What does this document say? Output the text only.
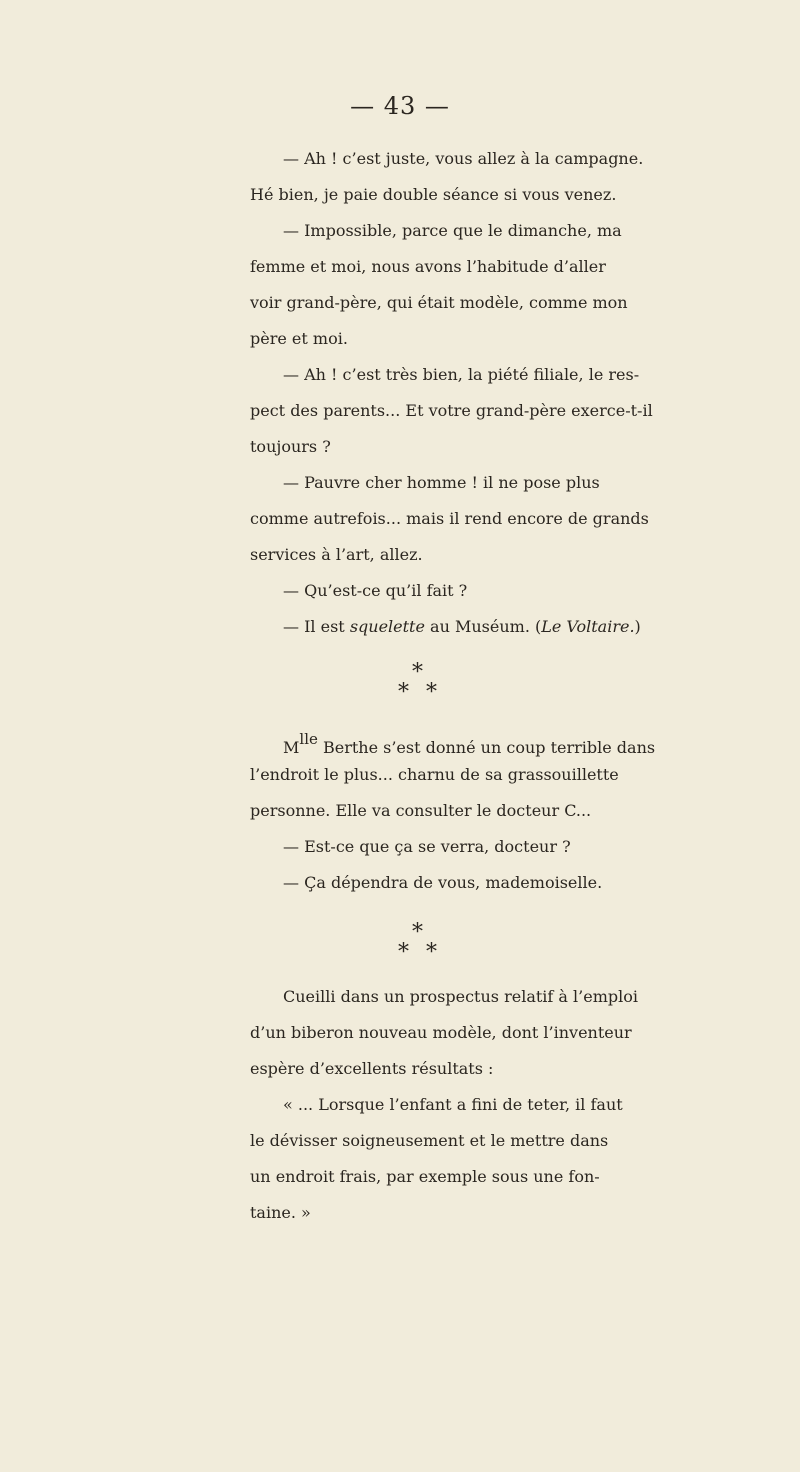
— 43 —
— Ah ! c’est juste, vous allez à la campagne.
Hé bien, je paie double séance si vous venez.
— Impossible, parce que le dimanche, ma
femme et moi, nous avons l’habitude d’aller
voir grand-père, qui était modèle, comme mon
père et moi.
— Ah ! c’est très bien, la piété filiale, le res-
pect des parents... Et votre grand-père exerce-t-il
toujours ?
— Pauvre cher homme ! il ne pose plus
comme autrefois... mais il rend encore de grands
services à l’art, allez.
— Qu’est-ce qu’il fait ?
— Il est squelette au Muséum. (Le Voltaire.)
*
* *
Mlle Berthe s’est donné un coup terrible dans
l’endroit le plus... charnu de sa grassouillette
personne. Elle va consulter le docteur C...
— Est-ce que ça se verra, docteur ?
— Ça dépendra de vous, mademoiselle.
*
* *
Cueilli dans un prospectus relatif à l’emploi
d’un biberon nouveau modèle, dont l’inventeur
espère d’excellents résultats :
« ... Lorsque l’enfant a fini de teter, il faut
le dévisser soigneusement et le mettre dans
un endroit frais, par exemple sous une fon-
taine. »
